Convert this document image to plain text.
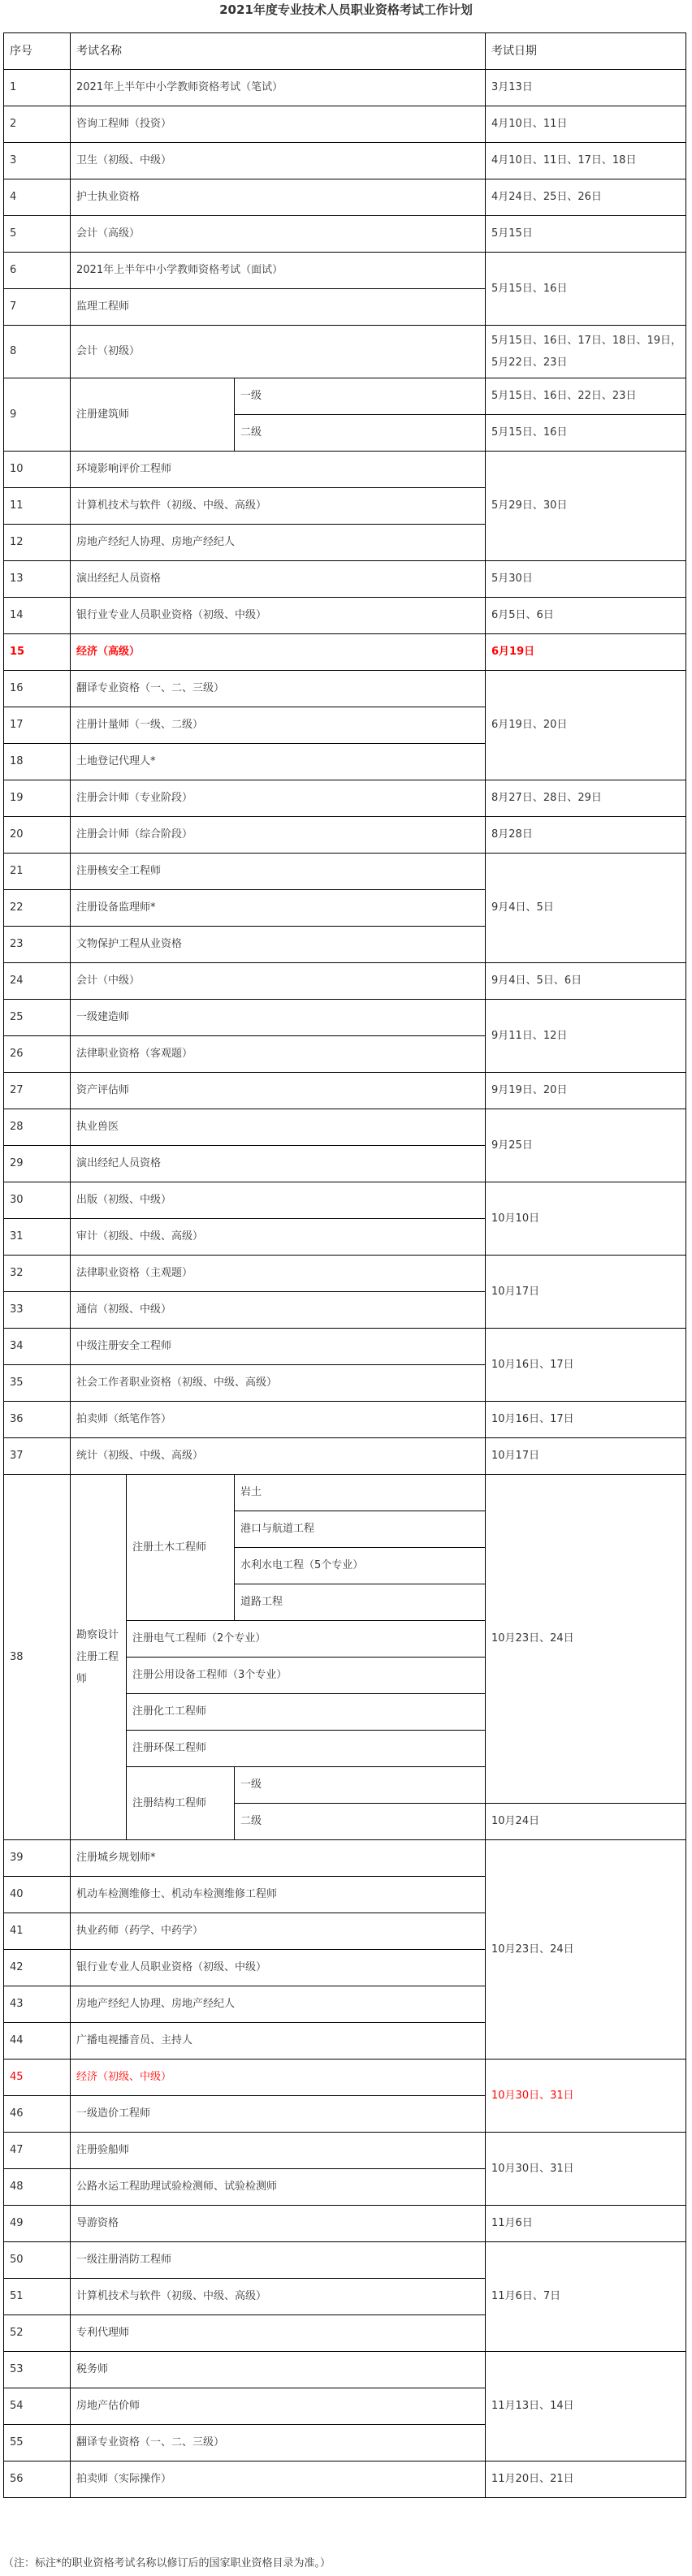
2021年度专业技术人员职业资格考试工作计划
序号	考试名称			考试日期
1	2021年上半年中小学教师资格考试（笔试）			3月13日
2	咨询工程师（投资）			4月10日、11日
3	卫生（初级、中级）			4月10日、11日、17日、18日
4	护士执业资格			4月24日、25日、26日
5	会计（高级）			5月15日
6	2021年上半年中小学教师资格考试（面试）			5月15日、16日
7	监理工程师			
8	会计（初级）			5月15日、16日、17日、18日、19日，5月22日、23日
9	注册建筑师		一级	5月15日、16日、22日、23日
			二级	5月15日、16日
10	环境影响评价工程师			5月29日、30日
11	计算机技术与软件（初级、中级、高级）			
12	房地产经纪人协理、房地产经纪人			
13	演出经纪人员资格			5月30日
14	银行业专业人员职业资格（初级、中级）			6月5日、6日
15	经济（高级）			6月19日
16	翻译专业资格（一、二、三级）			6月19日、20日
17	注册计量师（一级、二级）			
18	土地登记代理人*			
19	注册会计师（专业阶段）			8月27日、28日、29日
20	注册会计师（综合阶段）			8月28日
21	注册核安全工程师			9月4日、5日
22	注册设备监理师*			
23	文物保护工程从业资格			
24	会计（中级）			9月4日、5日、6日
25	一级建造师			9月11日、12日
26	法律职业资格（客观题）			
27	资产评估师			9月19日、20日
28	执业兽医			9月25日
29	演出经纪人员资格			
30	出版（初级、中级）			10月10日
31	审计（初级、中级、高级）			
32	法律职业资格（主观题）			10月17日
33	通信（初级、中级）			
34	中级注册安全工程师			10月16日、17日
35	社会工作者职业资格（初级、中级、高级）			
36	拍卖师（纸笔作答）			10月16日、17日
37	统计（初级、中级、高级）			10月17日
38	勘察设计注册工程师	注册土木工程师	岩土	10月23日、24日
			港口与航道工程	
			水利水电工程（5个专业）	
			道路工程	
		注册电气工程师（2个专业）		
		注册公用设备工程师（3个专业）		
		注册化工工程师		
		注册环保工程师		
		注册结构工程师	一级	
			二级	10月24日
39	注册城乡规划师*			10月23日、24日
40	机动车检测维修士、机动车检测维修工程师			
41	执业药师（药学、中药学）			
42	银行业专业人员职业资格（初级、中级）			
43	房地产经纪人协理、房地产经纪人			
44	广播电视播音员、主持人			
45	经济（初级、中级）			10月30日、31日
46	一级造价工程师			
47	注册验船师			10月30日、31日
48	公路水运工程助理试验检测师、试验检测师			
49	导游资格			11月6日
50	一级注册消防工程师			11月6日、7日
51	计算机技术与软件（初级、中级、高级）			
52	专利代理师			
53	税务师			11月13日、14日
54	房地产估价师			
55	翻译专业资格（一、二、三级）			
56	拍卖师（实际操作）			11月20日、21日
（注：标注*的职业资格考试名称以修订后的国家职业资格目录为准。）
